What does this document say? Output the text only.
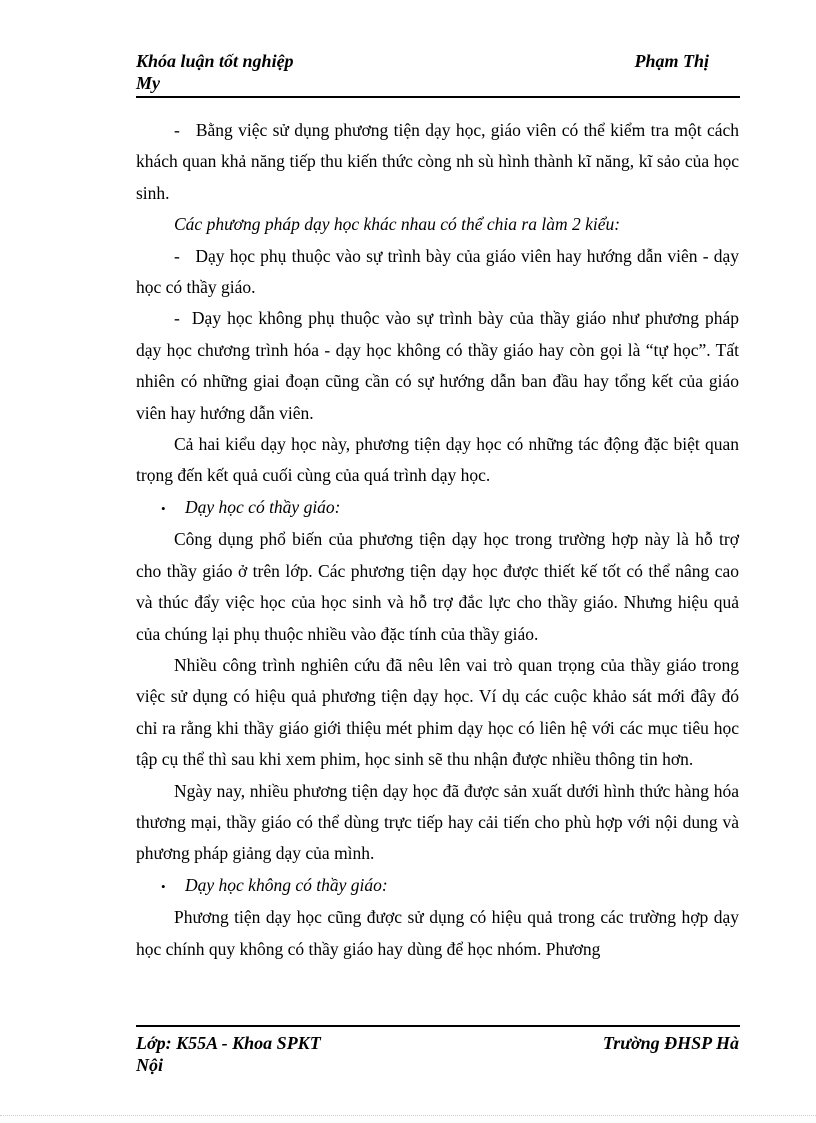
Khóa luận tốt nghiệp	Phạm Thị
My

- Bằng việc sử dụng phương tiện dạy học, giáo viên có thể kiểm tra một cách khách quan khả năng tiếp thu kiến thức còng nh sù hình thành kĩ năng, kĩ sảo của học sinh.

Các phương pháp dạy học khác nhau có thể chia ra làm 2 kiểu:

- Dạy học phụ thuộc vào sự trình bày của giáo viên hay hướng dẫn viên - dạy học có thầy giáo.

- Dạy học không phụ thuộc vào sự trình bày của thầy giáo như phương pháp dạy học chương trình hóa - dạy học không có thầy giáo hay còn gọi là “tự học”. Tất nhiên có những giai đoạn cũng cần có sự hướng dẫn ban đầu hay tổng kết của giáo viên hay hướng dẫn viên.

Cả hai kiểu dạy học này, phương tiện dạy học có những tác động đặc biệt quan trọng đến kết quả cuối cùng của quá trình dạy học.

•	Dạy học có thầy giáo:

Công dụng phổ biến của phương tiện dạy học trong trường hợp này là hỗ trợ cho thầy giáo ở trên lớp. Các phương tiện dạy học được thiết kế tốt có thể nâng cao và thúc đẩy việc học của học sinh và hỗ trợ đắc lực cho thầy giáo. Nhưng hiệu quả của chúng lại phụ thuộc nhiều vào đặc tính của thầy giáo.

Nhiều công trình nghiên cứu đã nêu lên vai trò quan trọng của thầy giáo trong việc sử dụng có hiệu quả phương tiện dạy học. Ví dụ các cuộc khảo sát mới đây đó chỉ ra rằng khi thầy giáo giới thiệu mét phim dạy học có liên hệ với các mục tiêu học tập cụ thể thì sau khi xem phim, học sinh sẽ thu nhận được nhiều thông tin hơn.

Ngày nay, nhiều phương tiện dạy học đã được sản xuất dưới hình thức hàng hóa thương mại, thầy giáo có thể dùng trực tiếp hay cải tiến cho phù hợp với nội dung và phương pháp giảng dạy của mình.

•	Dạy học không có thầy giáo:

Phương tiện dạy học cũng được sử dụng có hiệu quả trong các trường hợp dạy học chính quy không có thầy giáo hay dùng để học nhóm. Phương

Lớp: K55A - Khoa SPKT	Trường ĐHSP Hà
Nội
